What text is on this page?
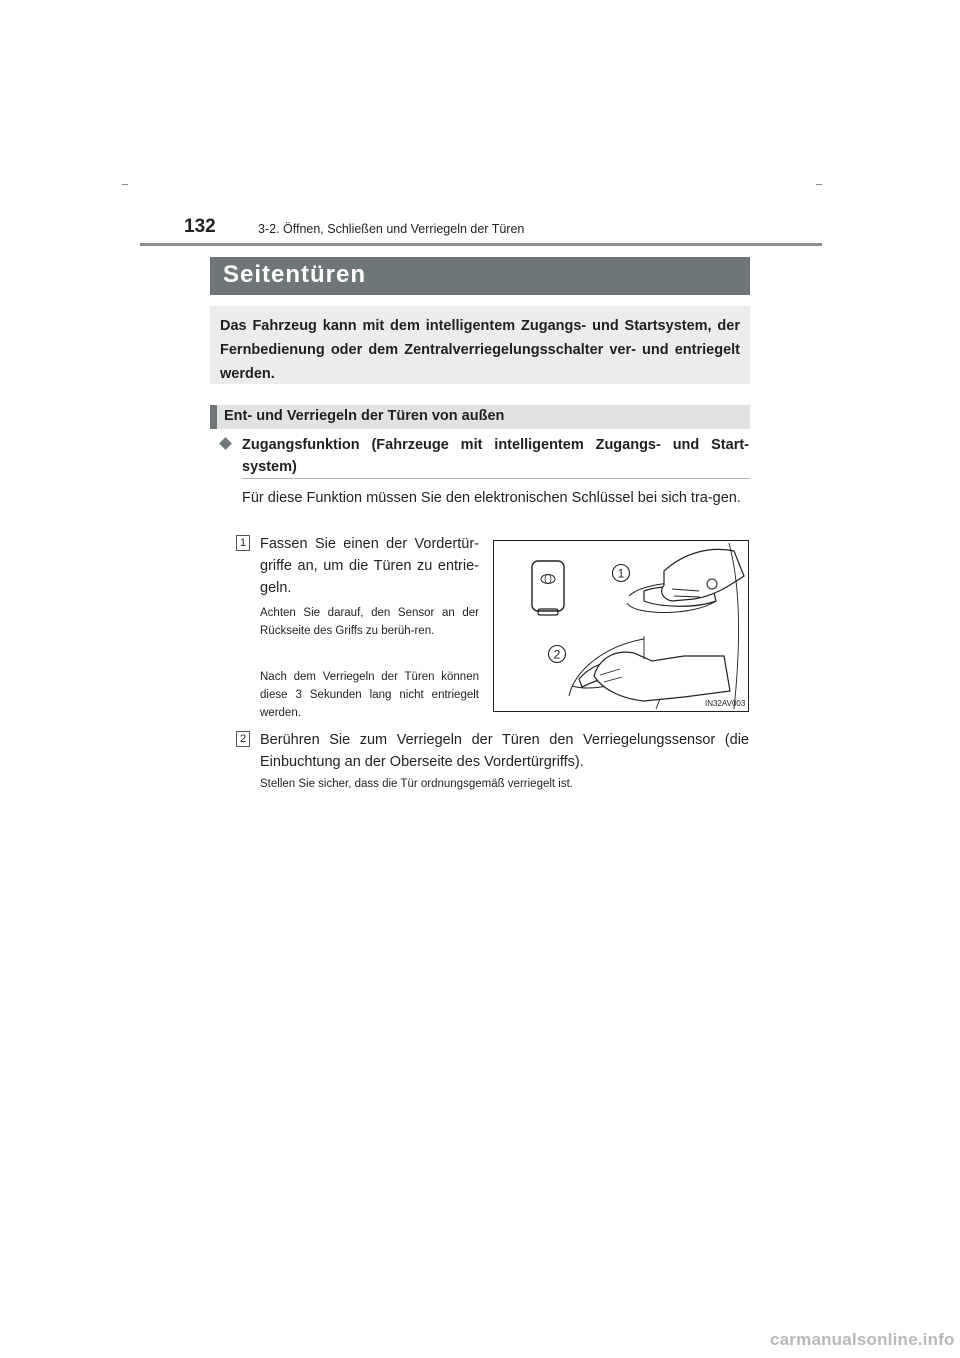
132	3-2. Öffnen, Schließen und Verriegeln der Türen
Seitentüren

Das Fahrzeug kann mit dem intelligentem Zugangs- und Startsystem, der Fernbedienung oder dem Zentralverriegelungsschalter ver- und entriegelt werden.

Ent- und Verriegeln der Türen von außen

Zugangsfunktion (Fahrzeuge mit intelligentem Zugangs- und Start-system)

Für diese Funktion müssen Sie den elektronischen Schlüssel bei sich tra-gen.

1 Fassen Sie einen der Vordertür-griffe an, um die Türen zu entrie-geln.

Achten Sie darauf, den Sensor an der Rückseite des Griffs zu berüh-ren.

Nach dem Verriegeln der Türen können diese 3 Sekunden lang nicht entriegelt werden.

1
2
IN32AV003
2 Berühren Sie zum Verriegeln der Türen den Verriegelungssensor (die Einbuchtung an der Oberseite des Vordertürgriffs).

Stellen Sie sicher, dass die Tür ordnungsgemäß verriegelt ist.

carmanualsonline.info
